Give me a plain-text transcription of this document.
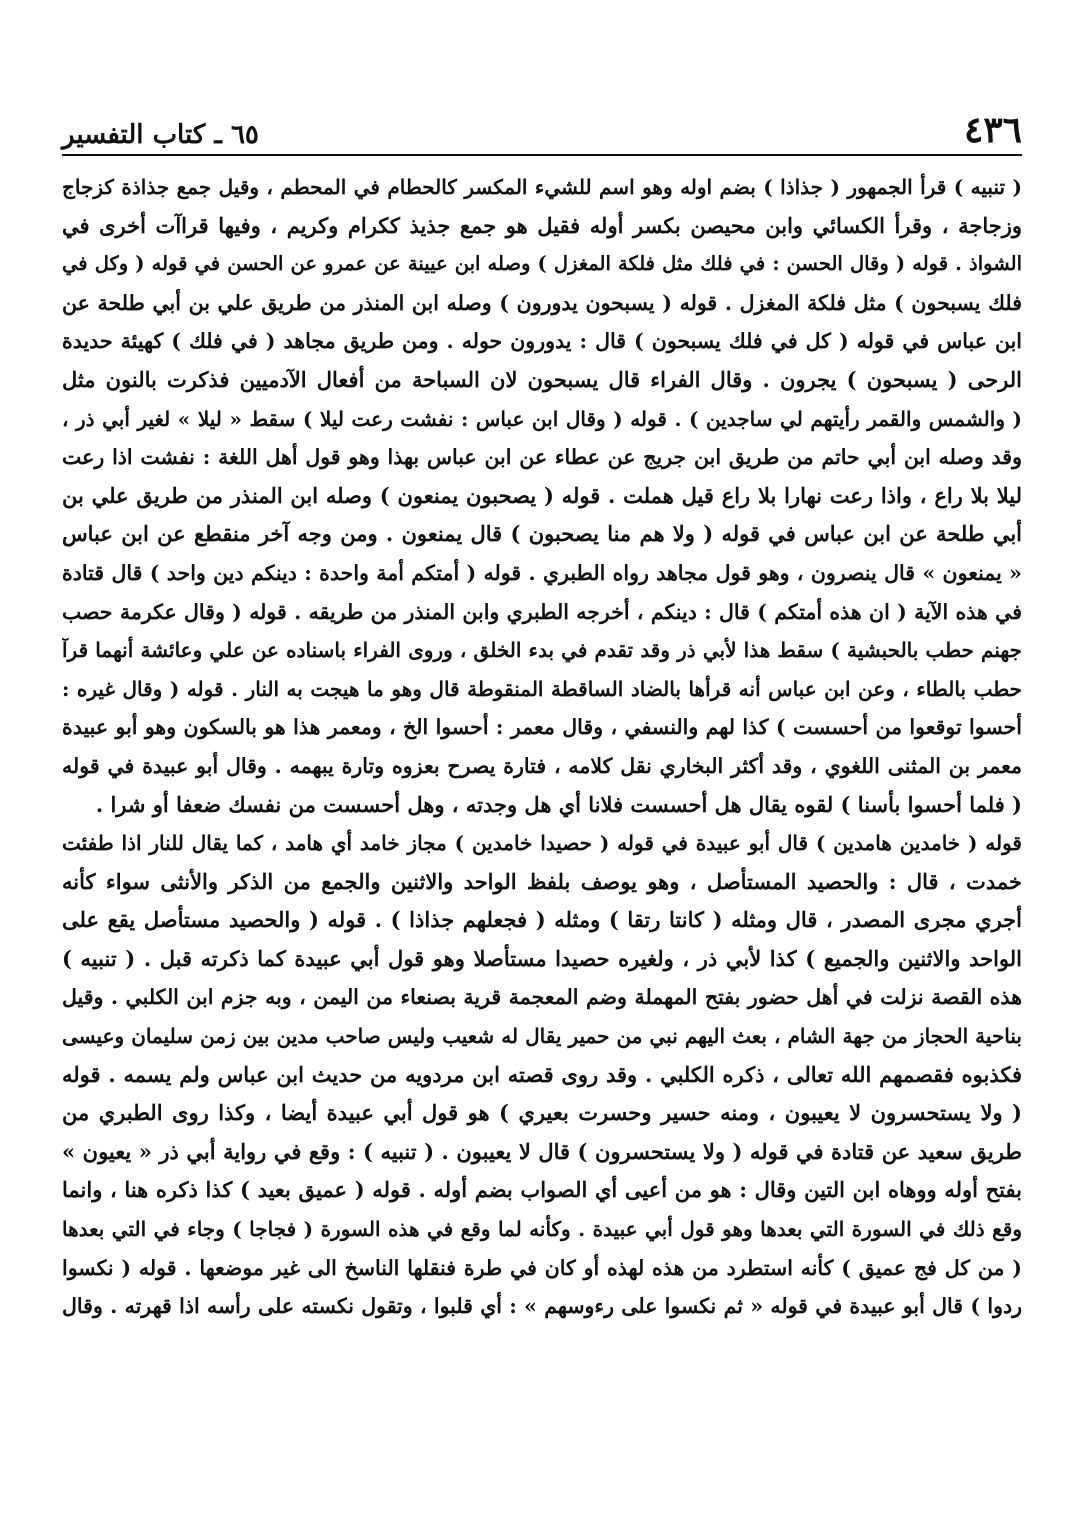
٤٣٦
٦٥ ـ كتاب التفسير
( تنبيه ) قرأ الجمهور ( جذاذا ) بضم اوله وهو اسم للشيء المكسر كالحطام في المحطم ، وقيل جمع جذاذة كزجاج
وزجاجة ، وقرأ الكسائي وابن محيصن بكسر أوله فقيل هو جمع جذيذ ككرام وكريم ، وفيها قراآت أخرى في
الشواذ . قوله ( وقال الحسن : في فلك مثل فلكة المغزل ) وصله ابن عيينة عن عمرو عن الحسن في قوله ( وكل في
فلك يسبحون ) مثل فلكة المغزل . قوله ( يسبحون يدورون ) وصله ابن المنذر من طريق علي بن أبي طلحة عن
ابن عباس في قوله ( كل في فلك يسبحون ) قال : يدورون حوله . ومن طريق مجاهد ( في فلك ) كهيئة حديدة
الرحى ( يسبحون ) يجرون . وقال الفراء قال يسبحون لان السباحة من أفعال الآدميين فذكرت بالنون مثل
( والشمس والقمر رأيتهم لي ساجدين ) . قوله ( وقال ابن عباس : نفشت رعت ليلا ) سقط « ليلا » لغير أبي ذر ،
وقد وصله ابن أبي حاتم من طريق ابن جريج عن عطاء عن ابن عباس بهذا وهو قول أهل اللغة : نفشت اذا رعت
ليلا بلا راع ، واذا رعت نهارا بلا راع قيل هملت . قوله ( يصحبون يمنعون ) وصله ابن المنذر من طريق علي بن
أبي طلحة عن ابن عباس في قوله ( ولا هم منا يصحبون ) قال يمنعون . ومن وجه آخر منقطع عن ابن عباس
« يمنعون » قال ينصرون ، وهو قول مجاهد رواه الطبري . قوله ( أمتكم أمة واحدة : دينكم دين واحد ) قال قتادة
في هذه الآية ( ان هذه أمتكم ) قال : دينكم ، أخرجه الطبري وابن المنذر من طريقه . قوله ( وقال عكرمة حصب
جهنم حطب بالحبشية ) سقط هذا لأبي ذر وقد تقدم في بدء الخلق ، وروى الفراء باسناده عن علي وعائشة أنهما قرآ
حطب بالطاء ، وعن ابن عباس أنه قرأها بالضاد الساقطة المنقوطة قال وهو ما هيجت به النار . قوله ( وقال غيره :
أحسوا توقعوا من أحسست ) كذا لهم والنسفي ، وقال معمر : أحسوا الخ ، ومعمر هذا هو بالسكون وهو أبو عبيدة
معمر بن المثنى اللغوي ، وقد أكثر البخاري نقل كلامه ، فتارة يصرح بعزوه وتارة يبهمه . وقال أبو عبيدة في قوله
( فلما أحسوا بأسنا ) لقوه يقال هل أحسست فلانا أي هل وجدته ، وهل أحسست من نفسك ضعفا أو شرا .
قوله ( خامدين هامدين ) قال أبو عبيدة في قوله ( حصيدا خامدين ) مجاز خامد أي هامد ، كما يقال للنار اذا طفئت
خمدت ، قال : والحصيد المستأصل ، وهو يوصف بلفظ الواحد والاثنين والجمع من الذكر والأنثى سواء كأنه
أجري مجرى المصدر ، قال ومثله ( كانتا رتقا ) ومثله ( فجعلهم جذاذا ) . قوله ( والحصيد مستأصل يقع على
الواحد والاثنين والجميع ) كذا لأبي ذر ، ولغيره حصيدا مستأصلا وهو قول أبي عبيدة كما ذكرته قبل . ( تنبيه )
هذه القصة نزلت في أهل حضور بفتح المهملة وضم المعجمة قرية بصنعاء من اليمن ، وبه جزم ابن الكلبي . وقيل
بناحية الحجاز من جهة الشام ، بعث اليهم نبي من حمير يقال له شعيب وليس صاحب مدين بين زمن سليمان وعيسى
فكذبوه فقصمهم الله تعالى ، ذكره الكلبي . وقد روى قصته ابن مردويه من حديث ابن عباس ولم يسمه . قوله
( ولا يستحسرون لا يعيبون ، ومنه حسير وحسرت بعيري ) هو قول أبي عبيدة أيضا ، وكذا روى الطبري من
طريق سعيد عن قتادة في قوله ( ولا يستحسرون ) قال لا يعيبون . ( تنبيه ) : وقع في رواية أبي ذر « يعيون »
بفتح أوله ووهاه ابن التين وقال : هو من أعيى أي الصواب بضم أوله . قوله ( عميق بعيد ) كذا ذكره هنا ، وانما
وقع ذلك في السورة التي بعدها وهو قول أبي عبيدة . وكأنه لما وقع في هذه السورة ( فجاجا ) وجاء في التي بعدها
( من كل فج عميق ) كأنه استطرد من هذه لهذه أو كان في طرة فنقلها الناسخ الى غير موضعها . قوله ( نكسوا
ردوا ) قال أبو عبيدة في قوله « ثم نكسوا على رءوسهم » : أي قلبوا ، وتقول نكسته على رأسه اذا قهرته . وقال
